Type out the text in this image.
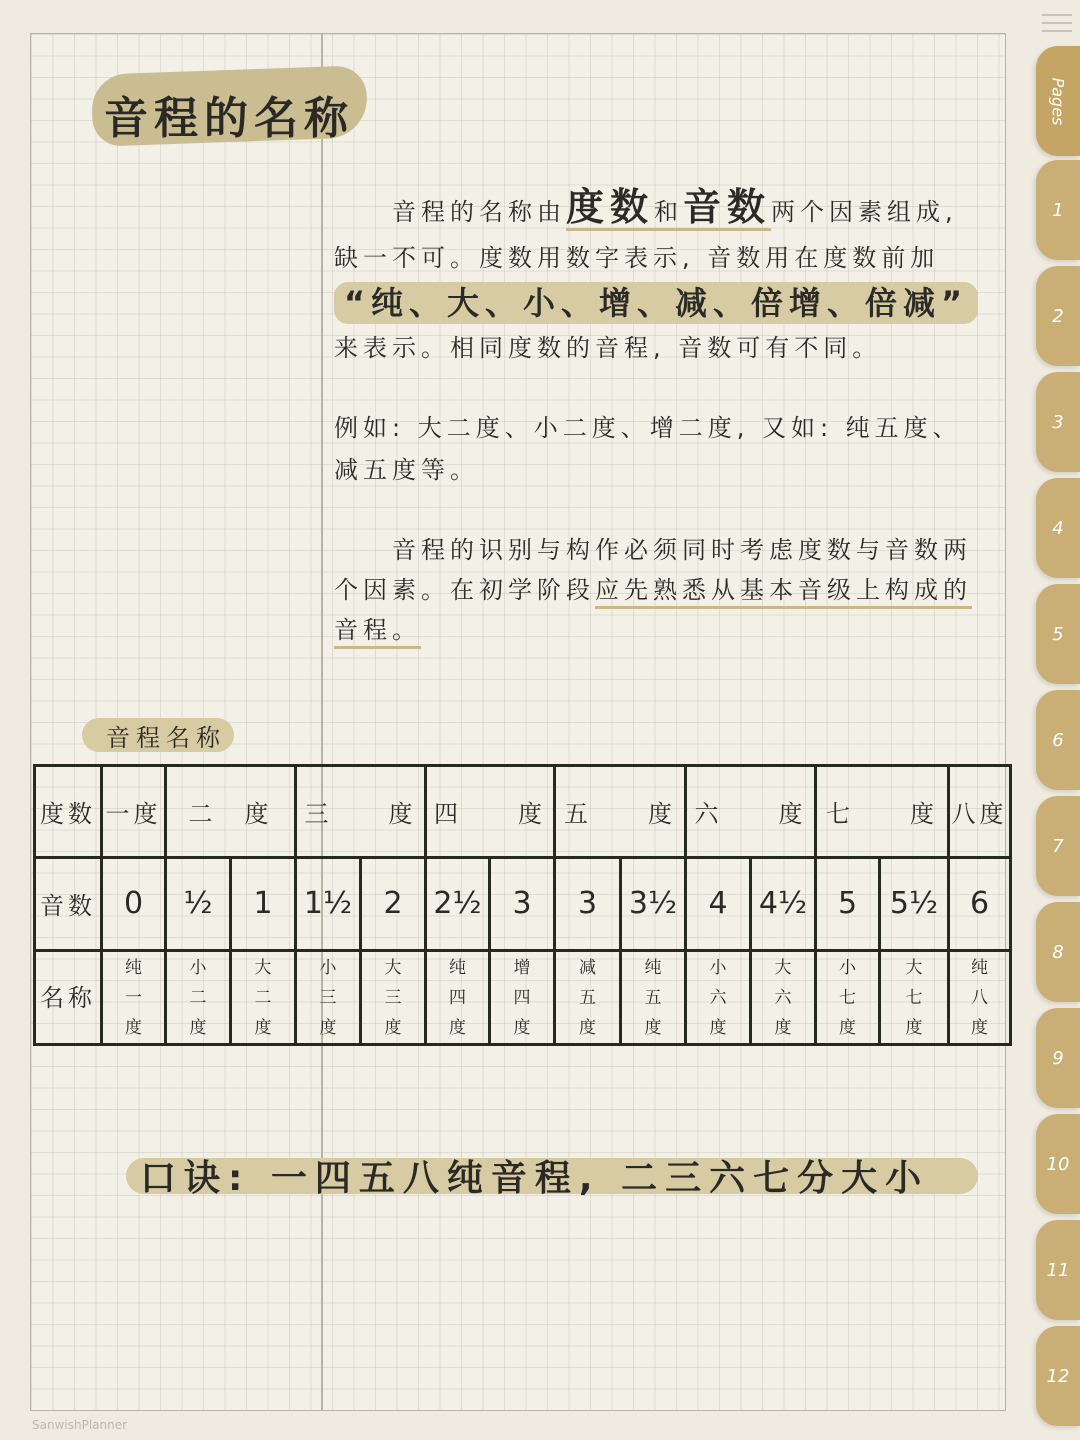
音程的名称
音程的名称由度数和音数两个因素组成,
缺一不可。度数用数字表示, 音数用在度数前加
“纯、大、小、增、减、倍增、倍减”
来表示。相同度数的音程, 音数可有不同。
例如: 大二度、小二度、增二度, 又如: 纯五度、
减五度等。
音程的识别与构作必须同时考虑度数与音数两
个因素。在初学阶段应先熟悉从基本音级上构成的
音程。
音程名称
度数	一度	二　度		三　　度		四　　度		五　　度		六　　度		七　　度		八度
音数	0	½	1	1½	2	2½	3	3	3½	4	4½	5	5½	6
名称	纯一度	小二度	大二度	小三度	大三度	纯四度	增四度	减五度	纯五度	小六度	大六度	小七度	大七度	纯八度
口诀: 一四五八纯音程, 二三六七分大小
SanwishPlanner
Pages
1
2
3
4
5
6
7
8
9
10
11
12
